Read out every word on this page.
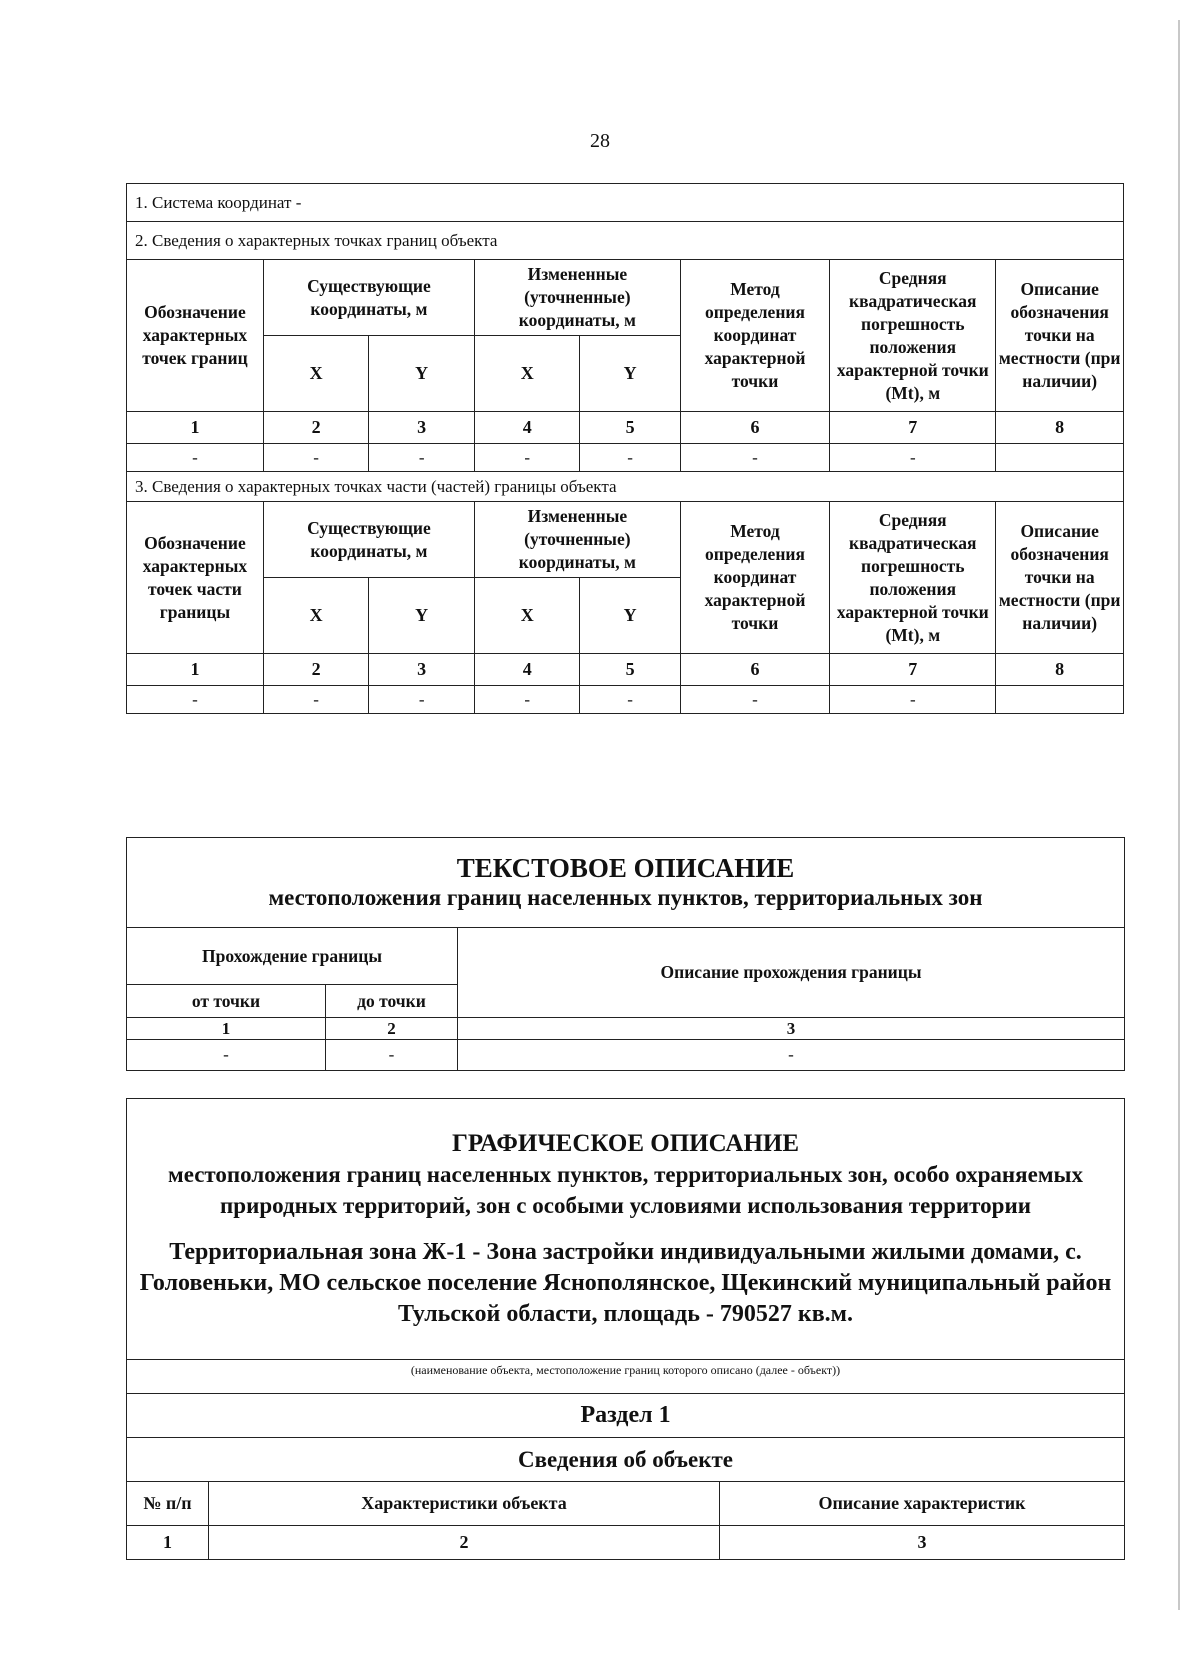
28
1. Система координат -							
2. Сведения о характерных точках границ объекта							
Обозначение характерных точек границ	Существующие координаты, м		Измененные (уточненные) координаты, м		Метод определения координат характерной точки	Средняя квадратическая погрешность положения характерной точки (Mt), м	Описание обозначения точки на местности (при наличии)
	X	Y	X	Y			
1	2	3	4	5	6	7	8
-	-	-	-	-	-	-	
3. Сведения о характерных точках части (частей) границы объекта							
Обозначение характерных точек части границы	Существующие координаты, м		Измененные (уточненные) координаты, м		Метод определения координат характерной точки	Средняя квадратическая погрешность положения характерной точки (Mt), м	Описание обозначения точки на местности (при наличии)
	X	Y	X	Y			
1	2	3	4	5	6	7	8
-	-	-	-	-	-	-	
ТЕКСТОВОЕ ОПИСАНИЕ
местоположения границ населенных пунктов, территориальных зон		

Прохождение границы		Описание прохождения границы
от точки	до точки	
1	2	3
-	-	-
ГРАФИЧЕСКОЕ ОПИСАНИЕ
местоположения границ населенных пунктов, территориальных зон, особо охраняемых природных территорий, зон с особыми условиями использования территории
Территориальная зона Ж-1 - Зона застройки индивидуальными жилыми домами, с. Головеньки, МО сельское поселение Яснополянское, Щекинский муниципальный район Тульской области, площадь - 790527 кв.м.		

(наименование объекта, местоположение границ которого описано (далее - объект))		
Раздел 1		
Сведения об объекте		
№ п/п	Характеристики объекта	Описание характеристик
1	2	3
